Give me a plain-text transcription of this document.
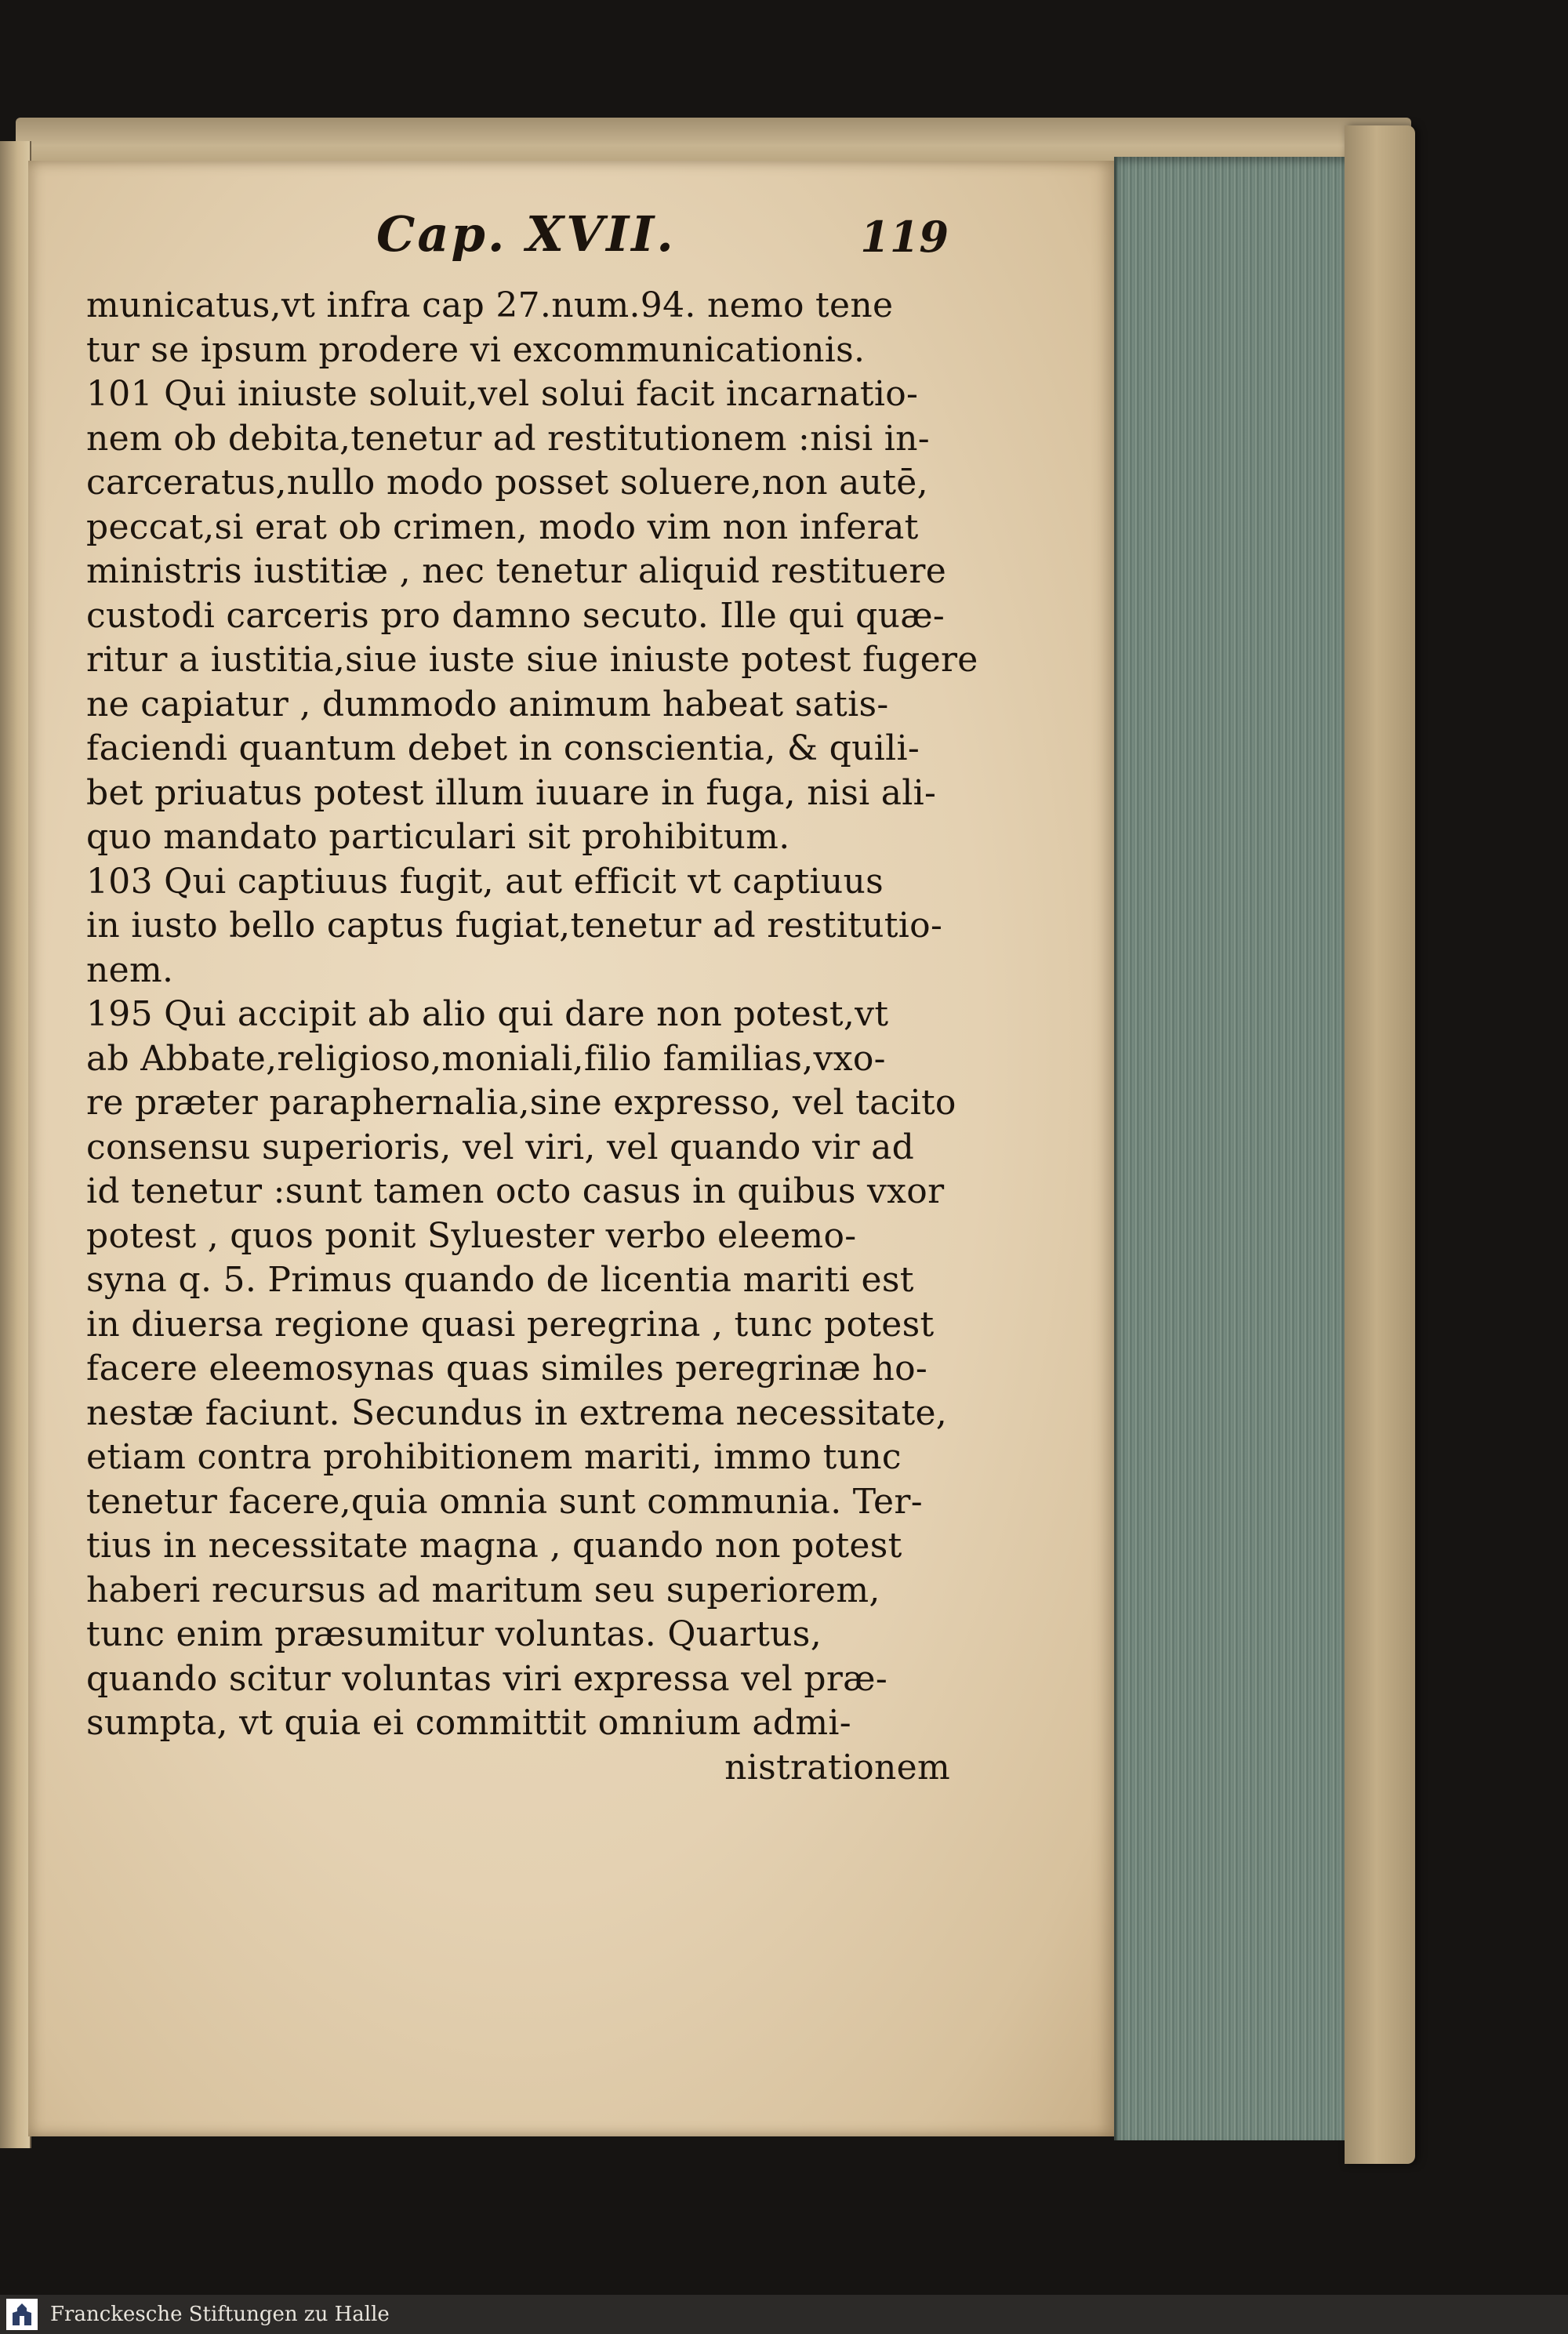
Cap. XVII.	119
municatus,vt infra cap 27.num.94. nemo tene
tur se ipsum prodere vi excommunicationis.
101 Qui iniuste soluit,vel solui facit incarnatio-
nem ob debita,tenetur ad restitutionem :nisi in-
carceratus,nullo modo posset soluere,non autē,
peccat,si erat ob crimen, modo vim non inferat
ministris iustitiæ , nec tenetur aliquid restituere
custodi carceris pro damno secuto. Ille qui quæ-
ritur a iustitia,siue iuste siue iniuste potest fugere
ne capiatur , dummodo animum habeat satis-
faciendi quantum debet in conscientia, & quili-
bet priuatus potest illum iuuare in fuga, nisi ali-
quo mandato particulari sit prohibitum.
103 Qui captiuus fugit, aut efficit vt captiuus
in iusto bello captus fugiat,tenetur ad restitutio-
nem.
195 Qui accipit ab alio qui dare non potest,vt
ab Abbate,religioso,moniali,filio familias,vxo-
re præter paraphernalia,sine expresso, vel tacito
consensu superioris, vel viri, vel quando vir ad
id tenetur :sunt tamen octo casus in quibus vxor
potest , quos ponit Syluester verbo eleemo-
syna q. 5. Primus quando de licentia mariti est
in diuersa regione quasi peregrina , tunc potest
facere eleemosynas quas similes peregrinæ ho-
nestæ faciunt. Secundus in extrema necessitate,
etiam contra prohibitionem mariti, immo tunc
tenetur facere,quia omnia sunt communia. Ter-
tius in necessitate magna , quando non potest
haberi recursus ad maritum seu superiorem,
tunc enim præsumitur voluntas. Quartus,
quando scitur voluntas viri expressa vel præ-
sumpta, vt quia ei committit omnium admi-
nistrationem
Franckesche Stiftungen zu Halle
